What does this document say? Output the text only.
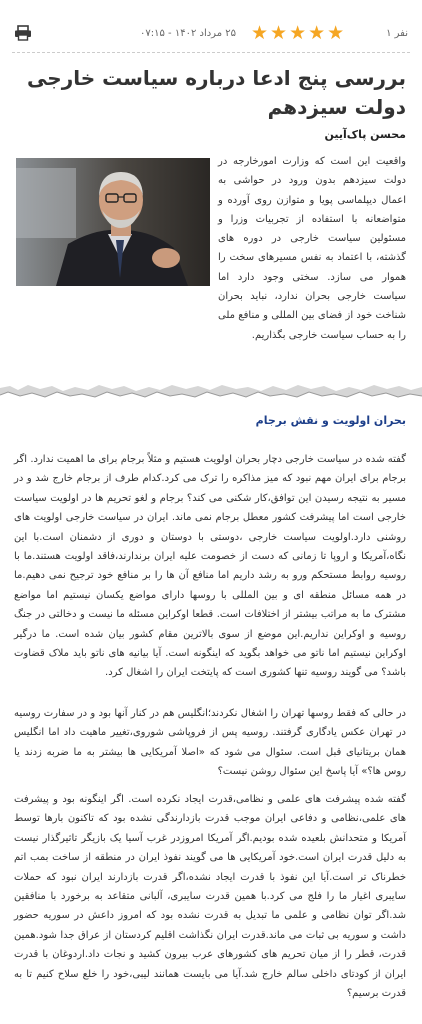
۲۵ مرداد ۱۴۰۲ - ۰۷:۱۵ ★ ★ ★ ★ ★	۱ نفر
بررسی پنج ادعا درباره سیاست خارجی دولت سیزدهم
محسن پاک‌آیین

واقعیت این است که وزارت امورخارجه در دولت سیزدهم بدون ورود در حواشی به اعمال دیپلماسی پویا و متوازن روی آورده و متواضعانه با استفاده از تجربیات وزرا و مسئولین سیاست خارجی در دوره های گذشته، با اعتماد به نفس مسیرهای سخت را هموار می سازد. سختی وجود دارد اما سیاست خارجی بحران ندارد، نباید بحران شناخت خود از فضای بین المللی و منافع ملی را به حساب سیاست خارجی بگذاریم.

بحران اولویت و نقش برجام

گفته شده در سیاست خارجی دچار بحران اولویت هستیم و مثلاً برجام برای ما اهمیت ندارد. اگر برجام برای ایران مهم نبود که میز مذاکره را ترک می کرد.کدام طرف از برجام خارج شد و در مسیر به نتیجه رسیدن این توافق،کار شکنی می کند؟ برجام و لغو تحریم ها در اولویت سیاست خارجی است اما پیشرفت کشور معطل برجام نمی ماند. ایران در سیاست خارجی اولویت های روشنی دارد.اولویت سیاست خارجی ،دوستی با دوستان و دوری از دشمنان است.با این نگاه،آمریکا و اروپا تا زمانی که دست از خصومت علیه ایران برندارند،فاقد اولویت هستند.ما با روسیه روابط مستحکم ورو به رشد داریم اما منافع آن ها را بر منافع خود ترجیح نمی دهیم.ما در همه مسائل منطقه ای و بین المللی با روسها دارای مواضع یکسان نیستیم اما مواضع مشترک ما به مراتب بیشتر از اختلافات است. قطعا اوکراین مسئله ما نیست و دخالتی در جنگ روسیه و اوکراین نداریم.این موضع از سوی بالاترین مقام کشور بیان شده است. ما درگیر اوکراین نیستیم اما ناتو می خواهد بگوید که اینگونه است. آیا بیانیه های ناتو باید ملاک قضاوت باشد؟ می گویند روسیه تنها کشوری است که پایتخت ایران را اشغال کرد.

در حالی که فقط روسها تهران را اشغال نکردند؛انگلیس هم در کنار آنها بود و در سفارت روسیه در تهران عکس یادگاری گرفتند. روسیه پس از فروپاشی شوروی،تغییر ماهیت داد اما انگلیس همان بریتانیای قبل است. سئوال می شود که «اصلا آمریکایی ها بیشتر به ما ضربه زدند یا روس ها؟» آیا پاسخ این سئوال روشن نیست؟

گفته شده پیشرفت های علمی و نظامی،قدرت ایجاد نکرده است. اگر اینگونه بود و پیشرفت های علمی،نظامی و دفاعی ایران موجب قدرت بازدارندگی نشده بود که تاکنون بارها توسط آمریکا و متحدانش بلعیده شده بودیم.اگر آمریکا امروزدر غرب آسیا یک بازیگر تاثیرگذار نیست به دلیل قدرت ایران است.خود آمریکایی ها می گویند نفوذ ایران در منطقه از ساخت بمب اتم خطرناک تر است.آیا این نفوذ با قدرت ایجاد نشده،اگر قدرت بازدارند ایران نبود که حملات سایبری اغیار ما را فلج می کرد.با همین قدرت سایبری، آلبانی متقاعد به برخورد با منافقین شد.اگر توان نظامی و علمی ما تبدیل به قدرت نشده بود که امروز داعش در سوریه حضور داشت و سوریه بی ثبات می ماند.قدرت ایران نگذاشت اقلیم کردستان از عراق جدا شود.همین قدرت، قطر را از میان تحریم های کشورهای عرب بیرون کشید و نجات داد.اردوغان با قدرت ایران از کودتای داخلی سالم خارج شد.آیا می بایست همانند لیبی،خود را خلع سلاح کنیم تا به قدرت برسیم؟
